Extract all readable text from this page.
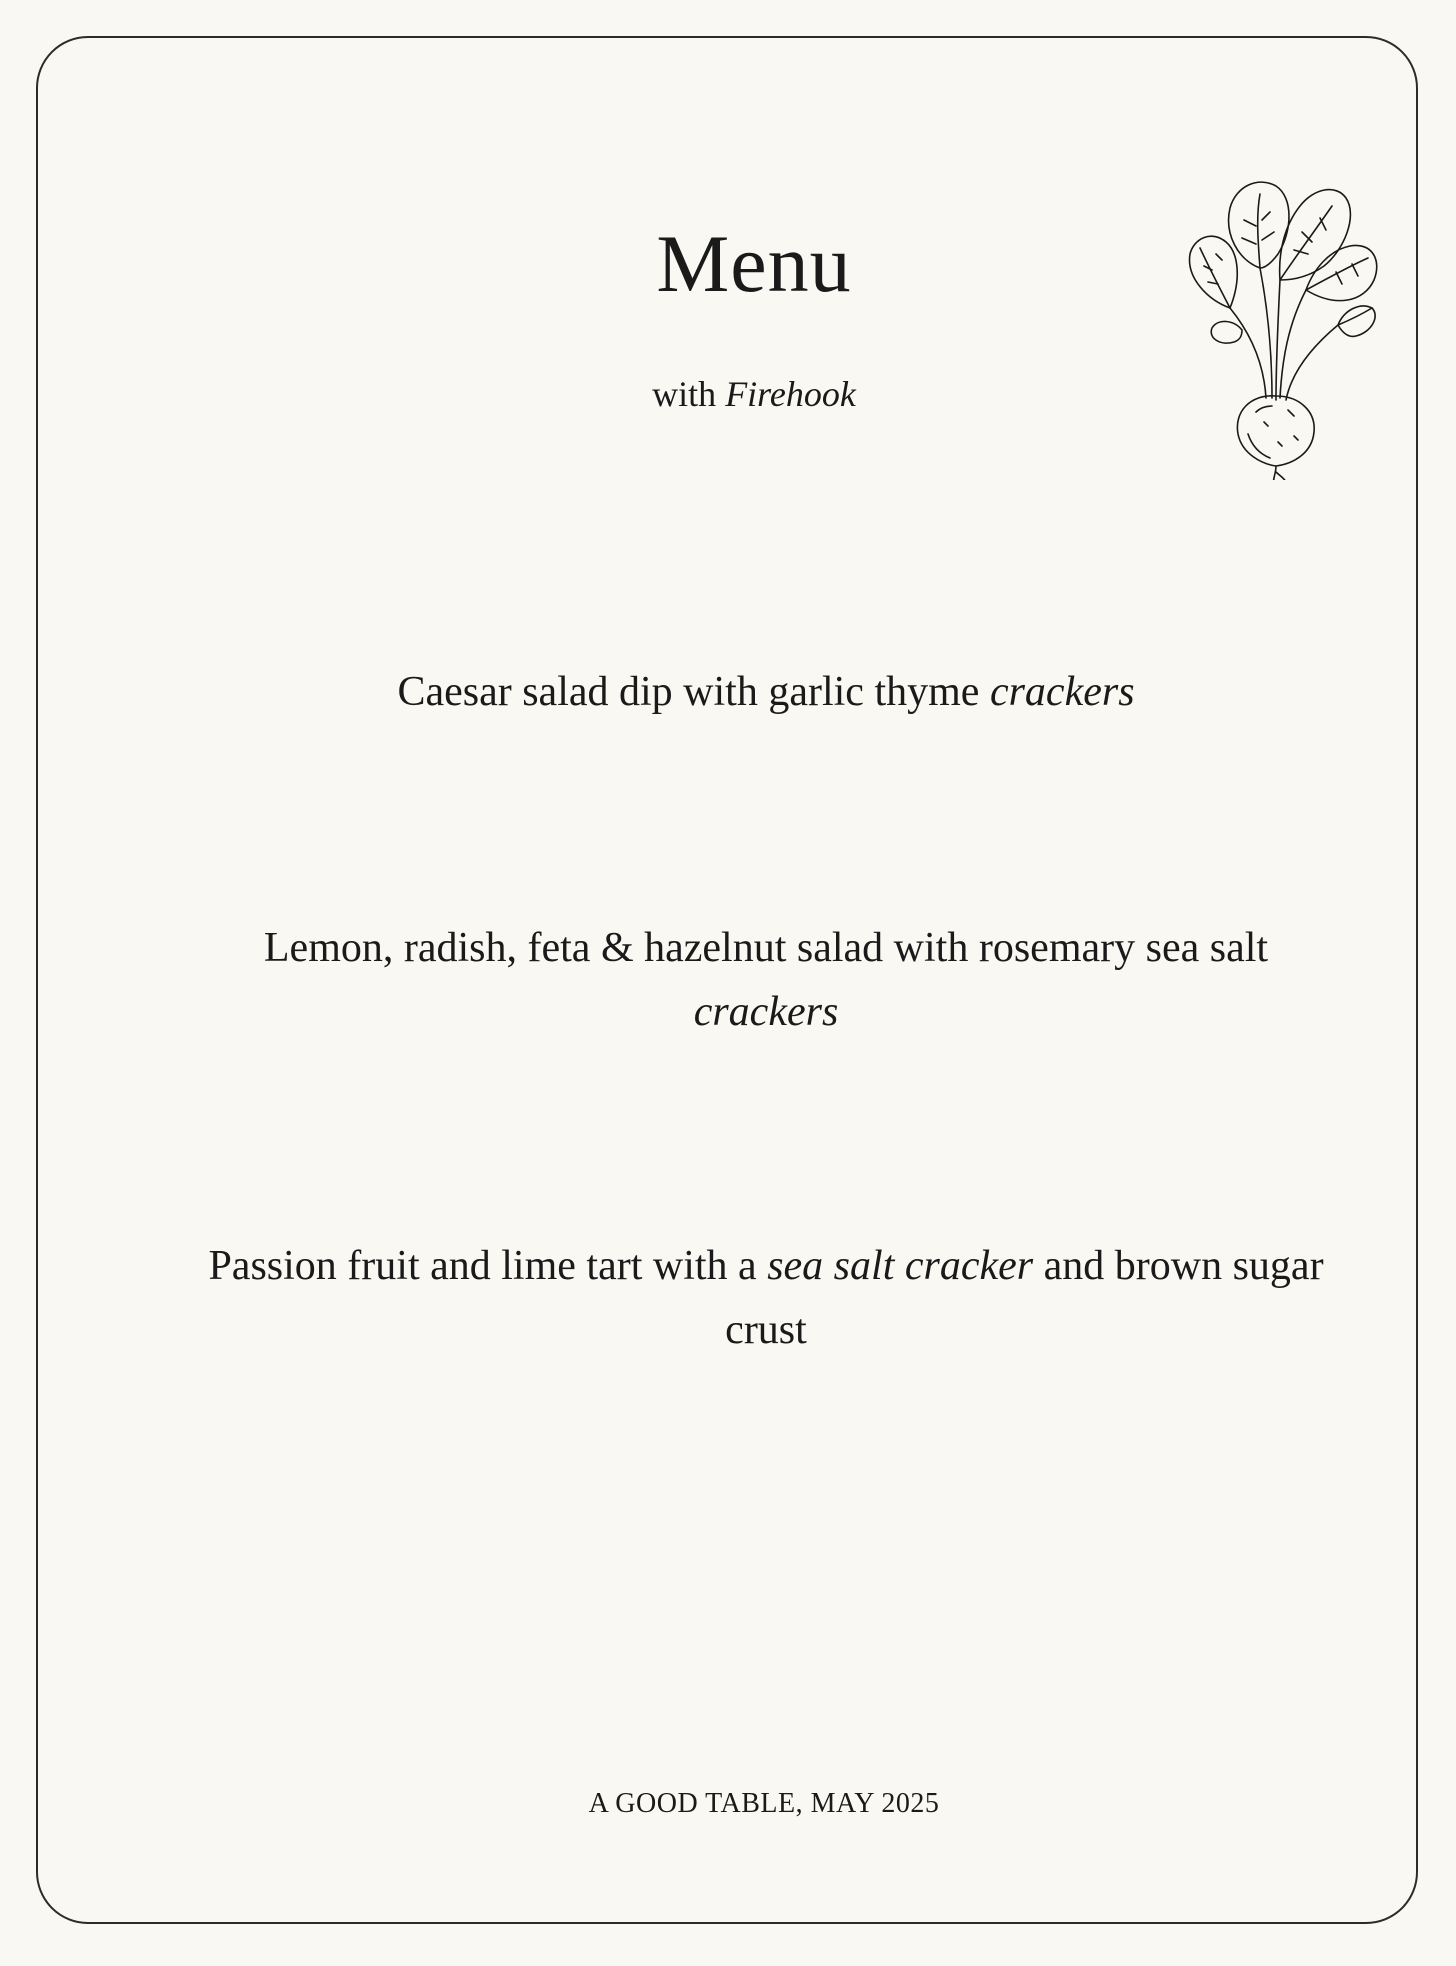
Menu
with Firehook
Caesar salad dip with garlic thyme crackers
Lemon, radish, feta & hazelnut salad with rosemary sea salt crackers
Passion fruit and lime tart with a sea salt cracker and brown sugar crust
A GOOD TABLE, MAY 2025
